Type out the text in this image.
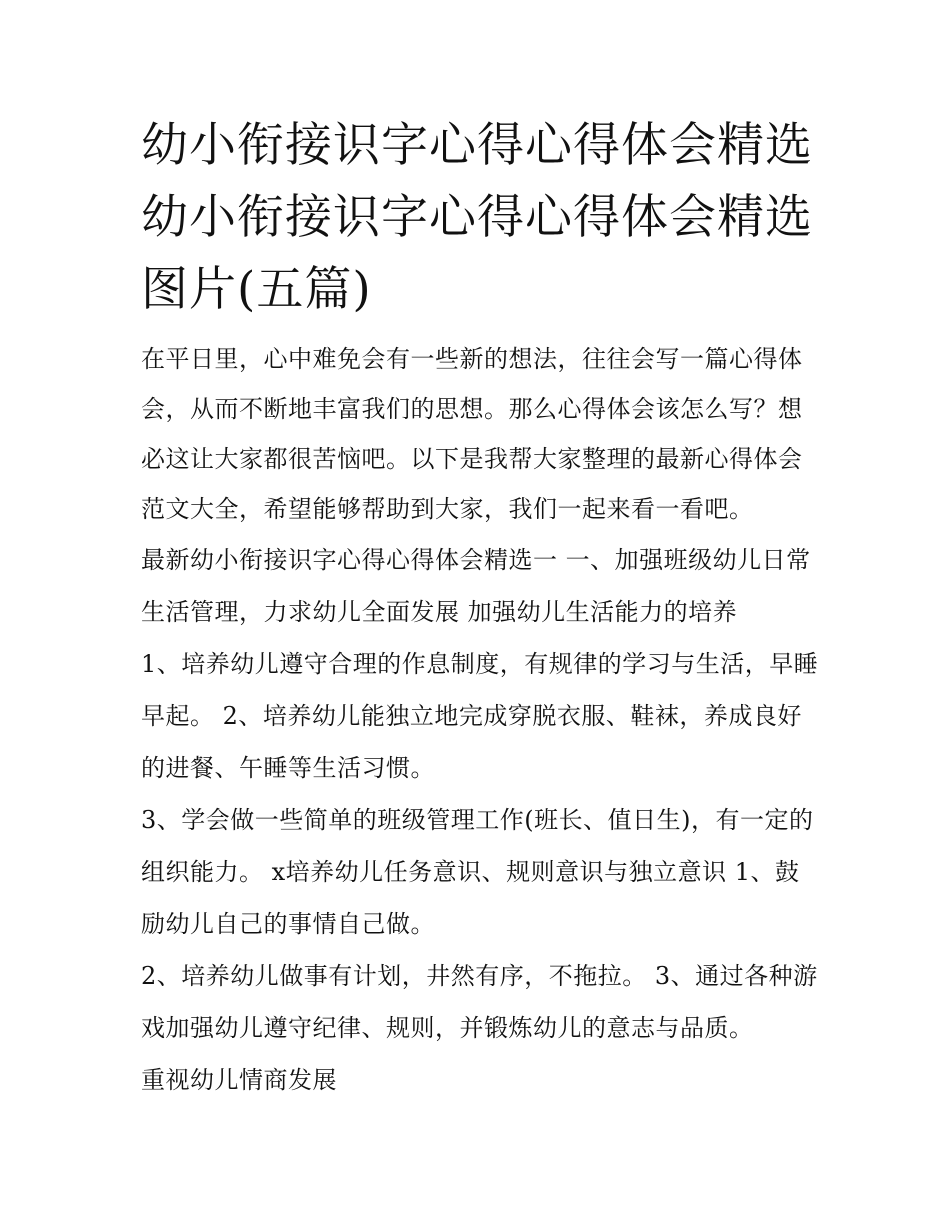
幼小衔接识字心得心得体会精选 幼小衔接识字心得心得体会精选图片(五篇)

在平日里，心中难免会有一些新的想法，往往会写一篇心得体会，从而不断地丰富我们的思想。那么心得体会该怎么写？想必这让大家都很苦恼吧。以下是我帮大家整理的最新心得体会范文大全，希望能够帮助到大家，我们一起来看一看吧。

最新幼小衔接识字心得心得体会精选一 一、加强班级幼儿日常生活管理，力求幼儿全面发展 加强幼儿生活能力的培养

1、培养幼儿遵守合理的作息制度，有规律的学习与生活，早睡早起。 2、培养幼儿能独立地完成穿脱衣服、鞋袜，养成良好的进餐、午睡等生活习惯。

3、学会做一些简单的班级管理工作(班长、值日生)，有一定的组织能力。 x培养幼儿任务意识、规则意识与独立意识 1、鼓励幼儿自己的事情自己做。

2、培养幼儿做事有计划，井然有序，不拖拉。 3、通过各种游戏加强幼儿遵守纪律、规则，并锻炼幼儿的意志与品质。

重视幼儿情商发展
